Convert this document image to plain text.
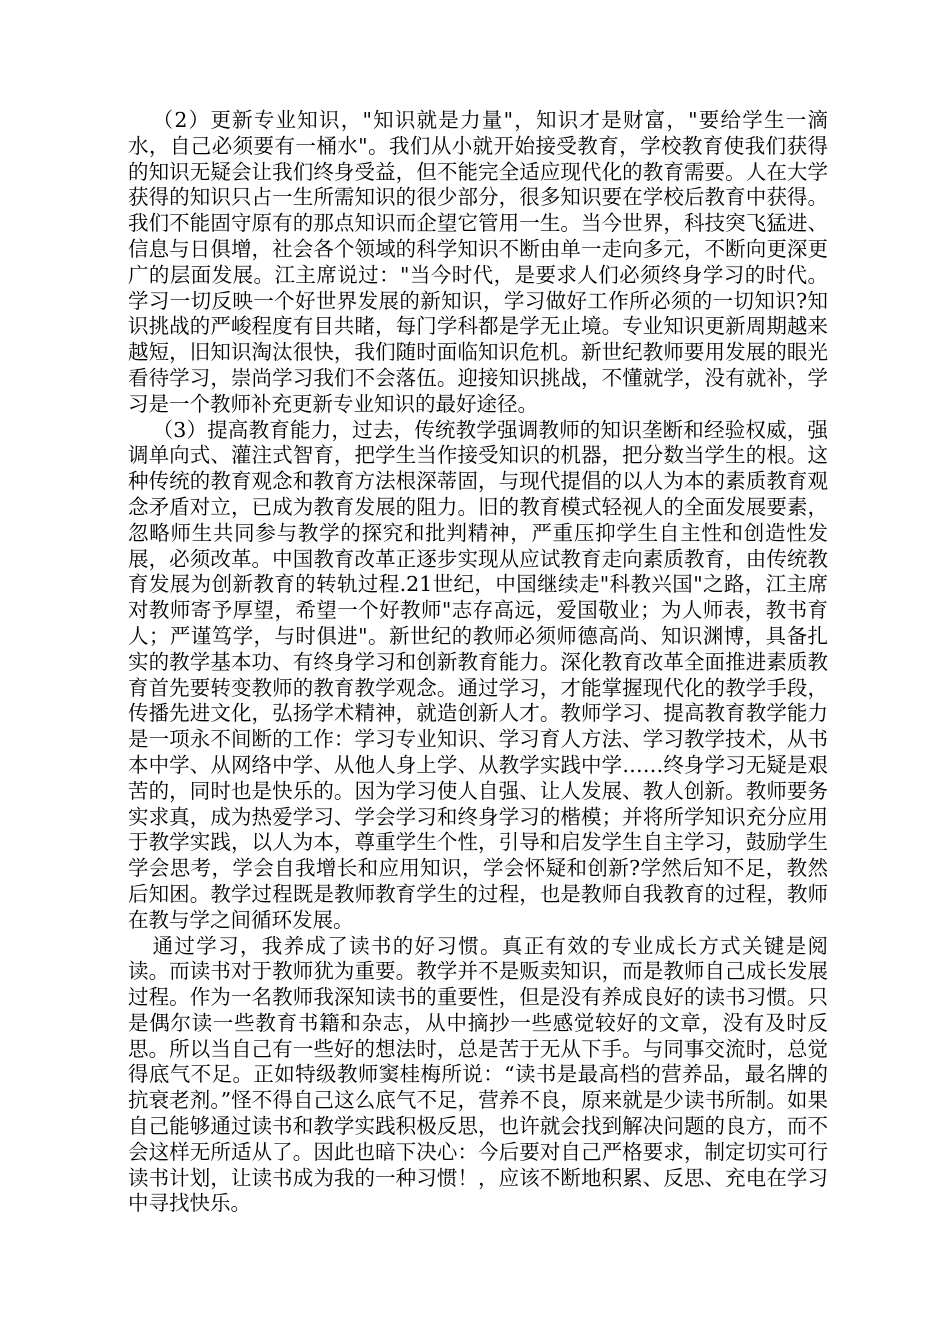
（2）更新专业知识，"知识就是力量"，知识才是财富，"要给学生一滴水，自己必须要有一桶水"。我们从小就开始接受教育，学校教育使我们获得的知识无疑会让我们终身受益，但不能完全适应现代化的教育需要。人在大学获得的知识只占一生所需知识的很少部分，很多知识要在学校后教育中获得。我们不能固守原有的那点知识而企望它管用一生。当今世界，科技突飞猛进、信息与日俱增，社会各个领域的科学知识不断由单一走向多元，不断向更深更广的层面发展。江主席说过："当今时代，是要求人们必须终身学习的时代。学习一切反映一个好世界发展的新知识，学习做好工作所必须的一切知识?知识挑战的严峻程度有目共睹，每门学科都是学无止境。专业知识更新周期越来越短，旧知识淘汰很快，我们随时面临知识危机。新世纪教师要用发展的眼光看待学习，崇尚学习我们不会落伍。迎接知识挑战，不懂就学，没有就补，学习是一个教师补充更新专业知识的最好途径。

（3）提高教育能力，过去，传统教学强调教师的知识垄断和经验权威，强调单向式、灌注式智育，把学生当作接受知识的机器，把分数当学生的根。这种传统的教育观念和教育方法根深蒂固，与现代提倡的以人为本的素质教育观念矛盾对立，已成为教育发展的阻力。旧的教育模式轻视人的全面发展要素，忽略师生共同参与教学的探究和批判精神，严重压抑学生自主性和创造性发展，必须改革。中国教育改革正逐步实现从应试教育走向素质教育，由传统教育发展为创新教育的转轨过程.21世纪，中国继续走"科教兴国"之路，江主席对教师寄予厚望，希望一个好教师"志存高远，爱国敬业；为人师表，教书育人；严谨笃学，与时俱进"。新世纪的教师必须师德高尚、知识渊博，具备扎实的教学基本功、有终身学习和创新教育能力。深化教育改革全面推进素质教育首先要转变教师的教育教学观念。通过学习，才能掌握现代化的教学手段，传播先进文化，弘扬学术精神，就造创新人才。教师学习、提高教育教学能力是一项永不间断的工作：学习专业知识、学习育人方法、学习教学技术，从书本中学、从网络中学、从他人身上学、从教学实践中学……终身学习无疑是艰苦的，同时也是快乐的。因为学习使人自强、让人发展、教人创新。教师要务实求真，成为热爱学习、学会学习和终身学习的楷模；并将所学知识充分应用于教学实践，以人为本，尊重学生个性，引导和启发学生自主学习，鼓励学生学会思考，学会自我增长和应用知识，学会怀疑和创新?学然后知不足，教然后知困。教学过程既是教师教育学生的过程，也是教师自我教育的过程，教师在教与学之间循环发展。

通过学习，我养成了读书的好习惯。真正有效的专业成长方式关键是阅读。而读书对于教师犹为重要。教学并不是贩卖知识，而是教师自己成长发展过程。作为一名教师我深知读书的重要性，但是没有养成良好的读书习惯。只是偶尔读一些教育书籍和杂志，从中摘抄一些感觉较好的文章，没有及时反思。所以当自己有一些好的想法时，总是苦于无从下手。与同事交流时，总觉得底气不足。正如特级教师窦桂梅所说：“读书是最高档的营养品，最名牌的抗衰老剂。”怪不得自己这么底气不足，营养不良，原来就是少读书所制。如果自己能够通过读书和教学实践积极反思，也许就会找到解决问题的良方，而不会这样无所适从了。因此也暗下决心：今后要对自己严格要求，制定切实可行读书计划，让读书成为我的一种习惯！，应该不断地积累、反思、充电在学习中寻找快乐。
